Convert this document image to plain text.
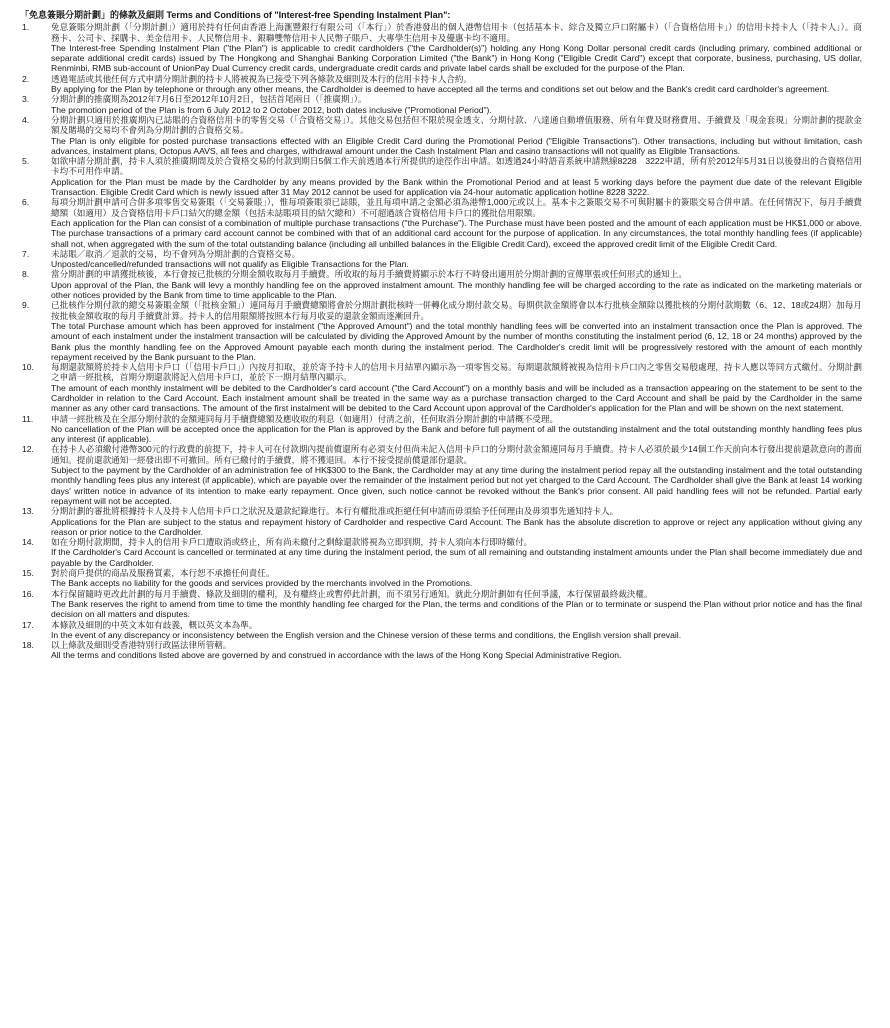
「免息簽賬分期計劃」的條款及細則 Terms and Conditions of "Interest-free Spending Instalment Plan":
1.	免息簽賬分期計劃（「分期計劃」）適用於持有任何由香港上海滙豐銀行有限公司（「本行」）於香港發出的個人港幣信用卡（包括基本卡、綜合及獨立戶口附屬卡）（「合資格信用卡」）的信用卡持卡人（「持卡人」）。商務卡、公司卡、採購卡、美金信用卡、人民幣信用卡、銀聯雙幣信用卡人民幣子賬戶、大專學生信用卡及優惠卡均不適用。
The Interest-free Spending Instalment Plan ("the Plan") is applicable to credit cardholders ("the Cardholder(s)") holding any Hong Kong Dollar personal credit cards (including primary, combined additional or separate additional credit cards) issued by The Hongkong and Shanghai Banking Corporation Limited ("the Bank") in Hong Kong ("Eligible Credit Card") except that corporate, business, purchasing, US dollar, Renminbi, RMB sub-account of UnionPay Dual Currency credit cards, undergraduate credit cards and private label cards shall be excluded for the purpose of the Plan.
2.	透過電話或其他任何方式申請分期計劃的持卡人將被視為已接受下列各條款及細則及本行的信用卡持卡人合約。
By applying for the Plan by telephone or through any other means, the Cardholder is deemed to have accepted all the terms and conditions set out below and the Bank's credit card cardholder's agreement.
3.	分期計劃的推廣期為2012年7月6日至2012年10月2日，包括首尾兩日（「推廣期」）。
The promotion period of the Plan is from 6 July 2012 to 2 October 2012, both dates inclusive ("Promotional Period").
4.	分期計劃只適用於推廣期內已誌賬的合資格信用卡的零售交易（「合資格交易」）。其他交易包括但不限於現金透支、分期付款、八達通自動增值服務、所有年費及財務費用、手續費及「現金套現」分期計劃的提款金額及賭場的交易均不會列為分期計劃的合資格交易。
The Plan is only eligible for posted purchase transactions effected with an Eligible Credit Card during the Promotional Period ("Eligible Transactions"). Other transactions, including but without limitation, cash advances, instalment plans, Octopus AAVS, all fees and charges, withdrawal amount under the Cash Instalment Plan and casino transactions will not qualify as Eligible Transactions.
5.	如欲申請分期計劃，持卡人須於推廣期間及於合資格交易的付款到期日5個工作天前透過本行所提供的途徑作出申請。如透過24小時語音系統申請熱線8228　3222申請，所有於2012年5月31日以後發出的合資格信用卡均不可用作申請。
Application for the Plan must be made by the Cardholder by any means provided by the Bank within the Promotional Period and at least 5 working days before the payment due date of the relevant Eligible Transaction. Eligible Credit Card which is newly issued after 31 May 2012 cannot be used for application via 24-hour automatic application hotline 8228 3222.
6.	每項分期計劃申請可合併多項零售交易簽賬（「交易簽賬」），惟每項簽賬須已誌賬，並且每項申請之金額必須為港幣1,000元或以上。基本卡之簽賬交易不可與附屬卡的簽賬交易合併申請。在任何情況下，每月手續費總額（如適用）及合資格信用卡戶口結欠的總金額（包括未誌賬項目的結欠總和）不可超過該合資格信用卡戶口的獲批信用限額。
Each application for the Plan can consist of a combination of multiple purchase transactions ("the Purchase"). The Purchase must have been posted and the amount of each application must be HK$1,000 or above. The purchase transactions of a primary card account cannot be combined with that of an additional card account for the purpose of application. In any circumstances, the total monthly handling fees (if applicable) shall not, when aggregated with the sum of the total outstanding balance (including all unbilled balances in the Eligible Credit Card), exceed the approved credit limit of the Eligible Credit Card.
7.	未誌賬／取消／退款的交易，均不會列為分期計劃的合資格交易。
Unposted/cancelled/refunded transactions will not qualify as Eligible Transactions for the Plan.
8.	當分期計劃的申請獲批核後，本行會按已批核的分期金額收取每月手續費。所收取的每月手續費將顯示於本行不時發出適用於分期計劃的宣傳單張或任何形式的通知上。
Upon approval of the Plan, the Bank will levy a monthly handling fee on the approved instalment amount. The monthly handling fee will be charged according to the rate as indicated on the marketing materials or other notices provided by the Bank from time to time applicable to the Plan.
9.	已批核作分期付款的總交易簽賬金額（「批核金額」）連同每月手續費總額將會於分期計劃批核時一併轉化成分期付款交易。每期供款金額將會以本行批核金額除以獲批核的分期付款期數（6、12、18或24期）加每月按批核金額收取的每月手續費計算。持卡人的信用限額將按照本行每月收妥的還款金額而逐漸回升。
The total Purchase amount which has been approved for instalment ("the Approved Amount") and the total monthly handling fees will be converted into an instalment transaction once the Plan is approved. The amount of each instalment under the instalment transaction will be calculated by dividing the Approved Amount by the number of months constituting the instalment period (6, 12, 18 or 24 months) approved by the Bank plus the monthly handling fee on the Approved Amount payable each month during the instalment period. The Cardholder's credit limit will be progressively restored with the amount of each monthly repayment received by the Bank pursuant to the Plan.
10.	每期還款額將於持卡人信用卡戶口（「信用卡戶口」）內按月扣取，並於寄予持卡人的信用卡月結單內顯示為一項零售交易。每期還款額將被視為信用卡戶口內之零售交易般處理，持卡人應以等同方式繳付。分期計劃之申請一經批核，首期分期還款將記入信用卡戶口，並於下一期月結單內顯示。
The amount of each monthly instalment will be debited to the Cardholder's card account ("the Card Account") on a monthly basis and will be included as a transaction appearing on the statement to be sent to the Cardholder in relation to the Card Account. Each instalment amount shall be treated in the same way as a purchase transaction charged to the Card Account and shall be paid by the Cardholder in the same manner as any other card transactions. The amount of the first instalment will be debited to the Card Account upon approval of the Cardholder's application for the Plan and will be shown on the next statement.
11.	申請一經批核及在全部分期付款的金額連同每月手續費總額及應收取的利息（如適用）付清之前，任何取消分期計劃的申請概不受理。
No cancellation of the Plan will be accepted once the application for the Plan is approved by the Bank and before full payment of all the outstanding instalment and the total outstanding monthly handling fees plus any interest (if applicable).
12.	在持卡人必須繳付港幣300元的行政費的前提下，持卡人可在付款期內提前償還所有必須支付但尚未記入信用卡戶口的分期付款金額連同每月手續費。持卡人必須於最少14個工作天前向本行發出提前還款意向的書面通知。提前還款通知一經發出即不可撤回。所有已繳付的手續費，將不獲退回。本行不接受提前償還部份還款。
Subject to the payment by the Cardholder of an administration fee of HK$300 to the Bank, the Cardholder may at any time during the instalment period repay all the outstanding instalment and the total outstanding monthly handling fees plus any interest (if applicable), which are payable over the remainder of the instalment period but not yet charged to the Card Account. The Cardholder shall give the Bank at least 14 working days' written notice in advance of its intention to make early repayment. Once given, such notice cannot be revoked without the Bank's prior consent. All paid handling fees will not be refunded. Partial early repayment will not be accepted.
13.	分期計劃的審批將根據持卡人及持卡人信用卡戶口之狀況及還款紀錄進行。本行有權批准或拒絕任何申請而毋須給予任何理由及毋須事先通知持卡人。
Applications for the Plan are subject to the status and repayment history of Cardholder and respective Card Account. The Bank has the absolute discretion to approve or reject any application without giving any reason or prior notice to the Cardholder.
14.	如在分期付款期間，持卡人的信用卡戶口遭取消或終止，所有尚未繳付之剩餘還款將視為立即到期，持卡人須向本行即時繳付。
If the Cardholder's Card Account is cancelled or terminated at any time during the instalment period, the sum of all remaining and outstanding instalment amounts under the Plan shall become immediately due and payable by the Cardholder.
15.	對於商戶提供的商品及服務質素，本行恕不承擔任何責任。
The Bank accepts no liability for the goods and services provided by the merchants involved in the Promotions.
16.	本行保留隨時更改此計劃的每月手續費、條款及細則的權利，及有權終止或暫停此計劃，而不須另行通知。就此分期計劃如有任何爭議，本行保留最終裁決權。
The Bank reserves the right to amend from time to time the monthly handling fee charged for the Plan, the terms and conditions of the Plan or to terminate or suspend the Plan without prior notice and has the final decision on all matters and disputes.
17.	本條款及細則的中英文本如有歧義，概以英文本為準。
In the event of any discrepancy or inconsistency between the English version and the Chinese version of these terms and conditions, the English version shall prevail.
18.	以上條款及細則受香港特別行政區法律所管轄。
All the terms and conditions listed above are governed by and construed in accordance with the laws of the Hong Kong Special Administrative Region.
